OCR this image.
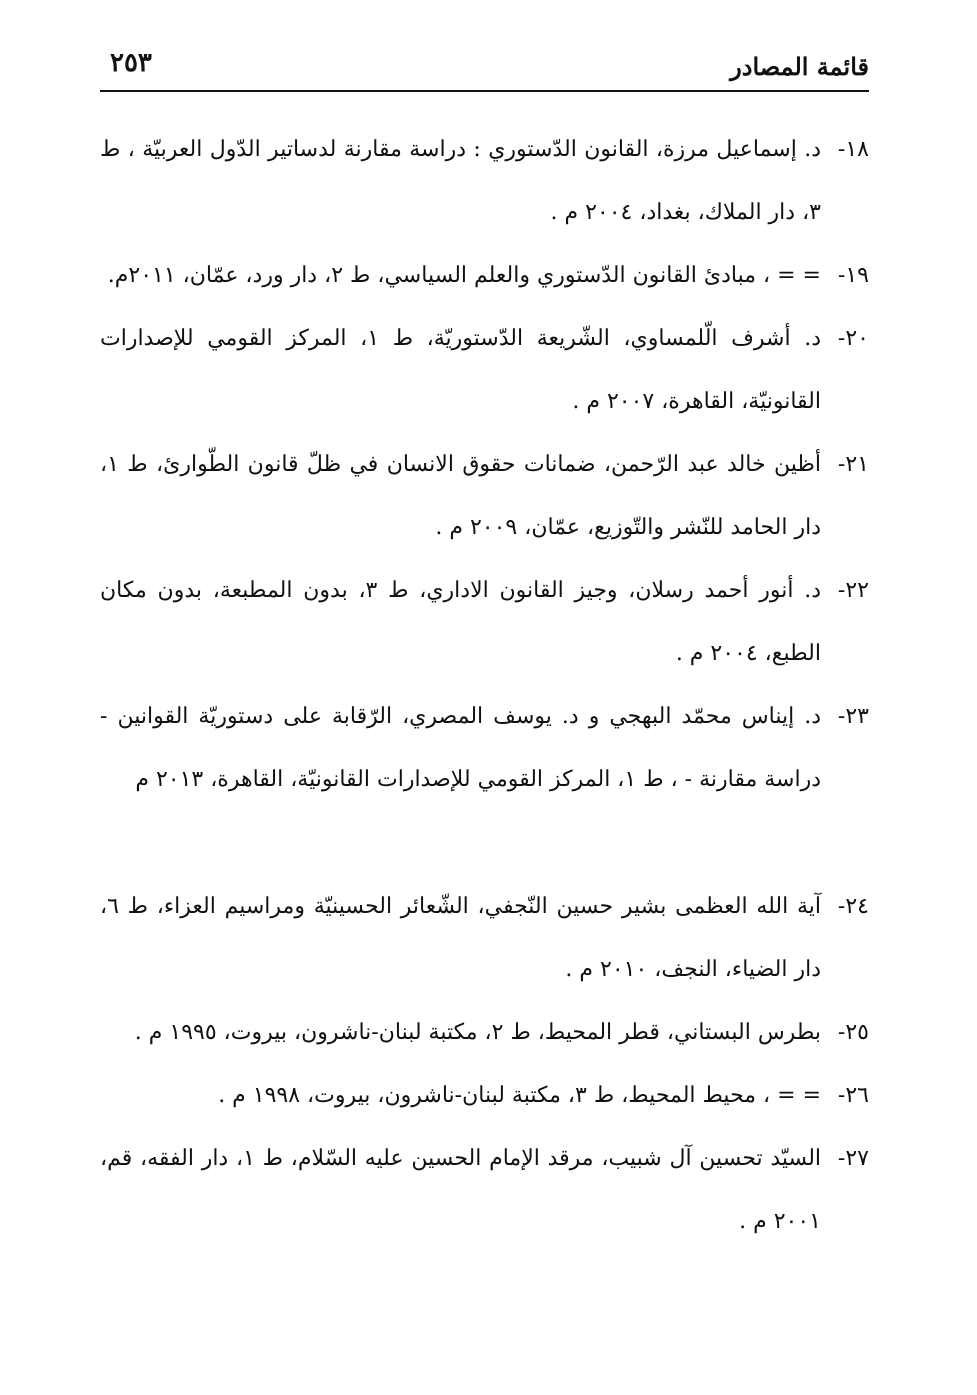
قائمة المصادر
٢٥٣
١٨-
د. إسماعيل مرزة، القانون الدّستوري : دراسة مقارنة لدساتير الدّول العربيّة ، ط ٣، دار الملاك، بغداد، ٢٠٠٤ م .
١٩-
= = ، مبادئ القانون الدّستوري والعلم السياسي، ط ٢، دار ورد، عمّان، ٢٠١١م.
٢٠-
د. أشرف الّلمساوي، الشّريعة الدّستوريّة، ط ١، المركز القومي للإصدارات القانونيّة، القاهرة، ٢٠٠٧ م .
٢١-
أظين خالد عبد الرّحمن، ضمانات حقوق الانسان في ظلّ قانون الطّوارئ، ط ١، دار الحامد للنّشر والتّوزيع، عمّان، ٢٠٠٩ م .
٢٢-
د. أنور أحمد رسلان، وجيز القانون الاداري، ط ٣، بدون المطبعة، بدون مكان الطبع، ٢٠٠٤ م .
٢٣-
د. إيناس محمّد البهجي و د. يوسف المصري، الرّقابة على دستوريّة القوانين - دراسة مقارنة - ، ط ١، المركز القومي للإصدارات القانونيّة، القاهرة، ٢٠١٣ م
٢٤-
آية الله العظمى بشير حسين النّجفي، الشّعائر الحسينيّة ومراسيم العزاء، ط ٦، دار الضياء، النجف، ٢٠١٠ م .
٢٥-
بطرس البستاني، قطر المحيط، ط ٢، مكتبة لبنان-ناشرون، بيروت، ١٩٩٥ م .
٢٦-
= = ، محيط المحيط، ط ٣، مكتبة لبنان-ناشرون، بيروت، ١٩٩٨ م .
٢٧-
السيّد تحسين آل شبيب، مرقد الإمام الحسين عليه السّلام، ط ١، دار الفقه، قم، ٢٠٠١ م .
